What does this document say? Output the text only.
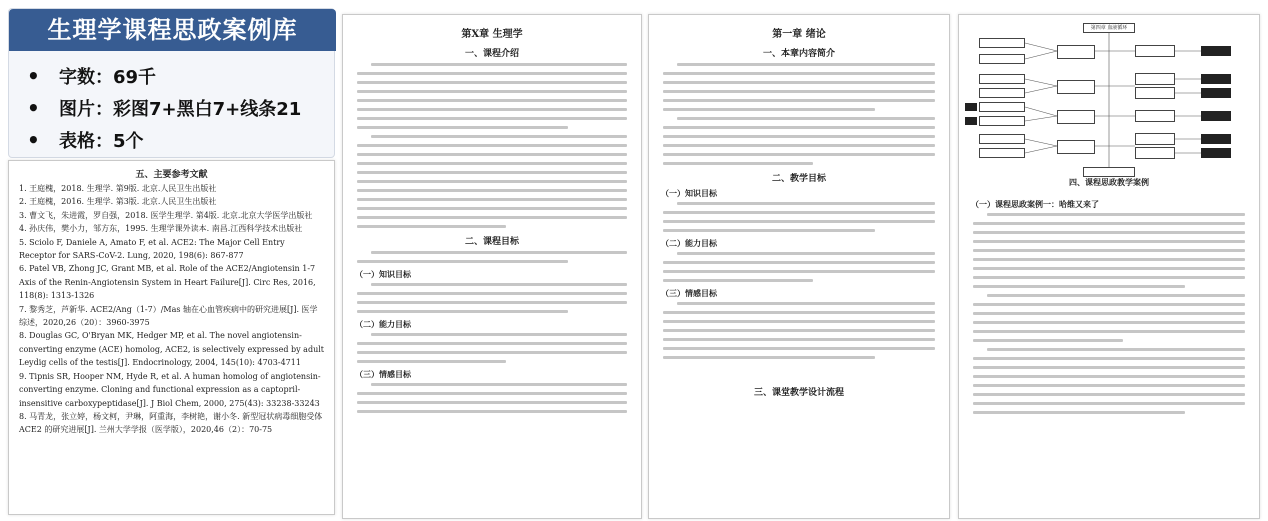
生理学课程思政案例库
• 字数：69千
• 图片：彩图7+黑白7+线条21
• 表格：5个
五、主要参考文献

1. 王庭槐，2018. 生理学. 第9版. 北京.人民卫生出版社

2. 王庭槐，2016. 生理学. 第3版. 北京.人民卫生出版社

3. 曹文飞，朱进霞，罗自强，2018. 医学生理学. 第4版. 北京.北京大学医学出版社

4. 孙庆伟，樊小力，邹方东，1995. 生理学课外读本. 南昌.江西科学技术出版社

5. Sciolo F, Daniele A, Amato F, et al. ACE2: The Major Cell Entry Receptor for SARS-CoV-2. Lung, 2020, 198(6): 867-877

6. Patel VB, Zhong JC, Grant MB, et al. Role of the ACE2/Angiotensin 1-7 Axis of the Renin-Angiotensin System in Heart Failure[J]. Circ Res, 2016, 118(8): 1313-1326

7. 黎秀芝，芦新华. ACE2/Ang（1-7）/Mas 轴在心血管疾病中的研究进展[J]. 医学综述，2020,26（20）：3960-3975

8. Douglas GC, O'Bryan MK, Hedger MP, et al. The novel angiotensin-converting enzyme (ACE) homolog, ACE2, is selectively expressed by adult Leydig cells of the testis[J]. Endocrinology, 2004, 145(10): 4703-4711

9. Tipnis SR, Hooper NM, Hyde R, et al. A human homolog of angiotensin-converting enzyme. Cloning and functional expression as a captopril-insensitive carboxypeptidase[J]. J Biol Chem, 2000, 275(43): 33238-33243

8. 马青龙，张立婷，杨文柯，尹琳，阿重海，李树艳，谢小冬. 新型冠状病毒细胞受体 ACE2 的研究进展[J]. 兰州大学学报（医学版），2020,46（2）：70-75

第X章 生理学
一、课程介绍
二、课程目标
（一）知识目标
（二）能力目标
（三）情感目标
第一章 绪论
一、本章内容简介
二、教学目标
（一）知识目标
（二）能力目标
（三）情感目标
三、课堂教学设计流程
第四章 血液循环
四、课程思政教学案例
（一）课程思政案例一：哈维又来了
